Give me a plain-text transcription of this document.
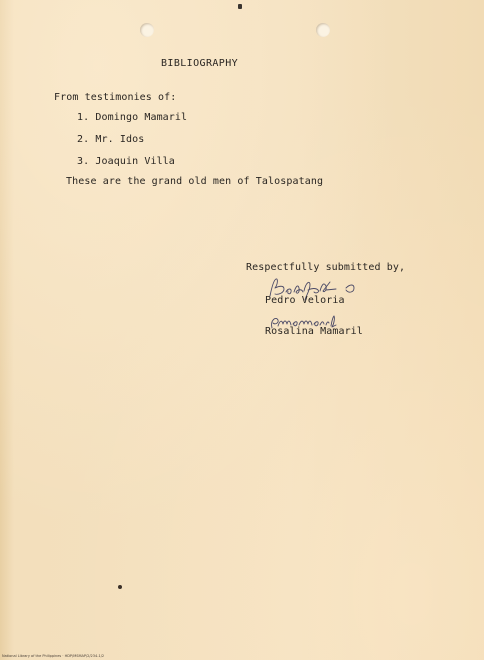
BIBLIOGRAPHY
From testimonies of:
1. Domingo Mamaril
2. Mr. Idos
3. Joaquin Villa
These are the grand old men of Talospatang
Respectfully submitted by,
Pedro Veloria
Rosalina Mamaril
National Library of the Philippines · HDP/MSMAP/2/234-1/2
